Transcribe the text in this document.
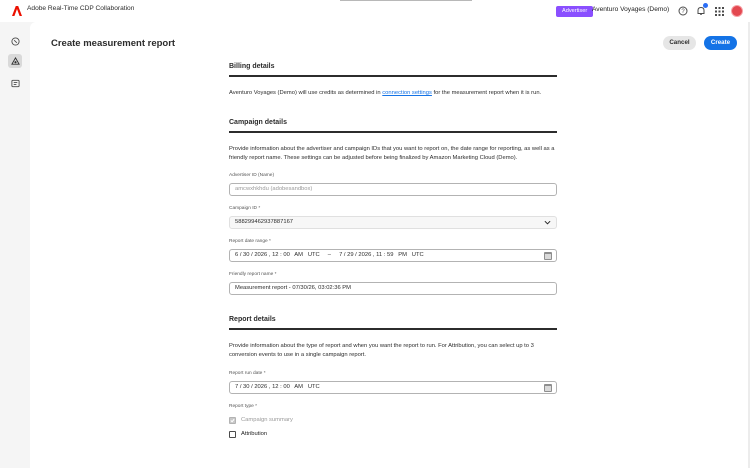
Adobe Real-Time CDP Collaboration	Advertiser Aventuro Voyages (Demo) ?
Create measurement report	Cancel	Create
Billing details
Aventuro Voyages (Demo) will use credits as determined in connection settings for the measurement report when it is run.
Campaign details
Provide information about the advertiser and campaign IDs that you want to report on, the date range for reporting, as well as a friendly report name. These settings can be adjusted before being finalized by Amazon Marketing Cloud (Demo).
Advertiser ID (Name)
amcwxhkhdu (adobesandbox)
Campaign ID *
588299462937887167
Report date range *
6 / 30 / 2026 , 12 : 00   AM   UTC     –     7 / 29 / 2026 , 11 : 59   PM   UTC
Friendly report name *
Measurement report - 07/30/26, 03:02:36 PM
Report details
Provide information about the type of report and when you want the report to run. For Attribution, you can select up to 3 conversion events to use in a single campaign report.
Report run date *
7 / 30 / 2026 , 12 : 00   AM   UTC
Report type *
Campaign summary
Attribution
